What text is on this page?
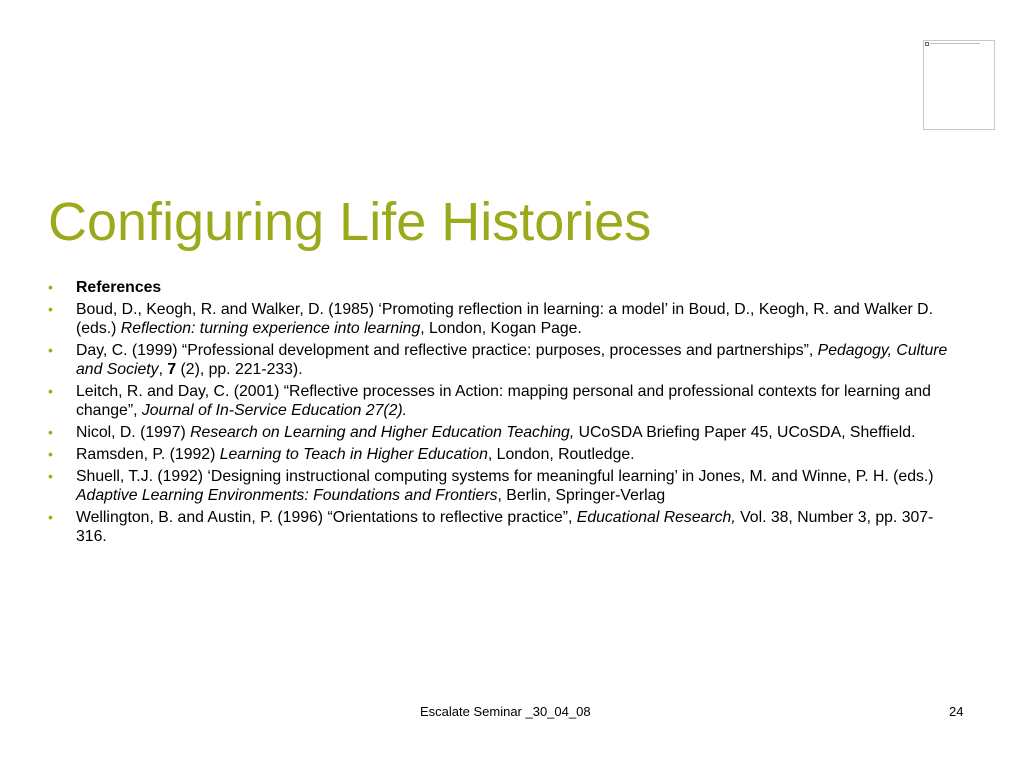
Configuring Life Histories
• References
• Boud, D., Keogh, R. and Walker, D. (1985) ‘Promoting reflection in learning: a model’ in Boud, D., Keogh, R. and Walker D. (eds.) Reflection: turning experience into learning, London, Kogan Page.
• Day, C. (1999) “Professional development and reflective practice: purposes, processes and partnerships”, Pedagogy, Culture and Society, 7 (2), pp. 221-233).
• Leitch, R. and Day, C. (2001) “Reflective processes in Action: mapping personal and professional contexts for learning and change”, Journal of In-Service Education 27(2).
• Nicol, D. (1997) Research on Learning and Higher Education Teaching, UCoSDA Briefing Paper 45, UCoSDA, Sheffield.
• Ramsden, P. (1992) Learning to Teach in Higher Education, London, Routledge.
• Shuell, T.J. (1992) ‘Designing instructional computing systems for meaningful learning’ in Jones, M. and Winne, P. H. (eds.) Adaptive Learning Environments: Foundations and Frontiers, Berlin, Springer-Verlag
• Wellington, B. and Austin, P. (1996) “Orientations to reflective practice”, Educational Research, Vol. 38, Number 3, pp. 307-316.
Escalate Seminar _30_04_08	24
